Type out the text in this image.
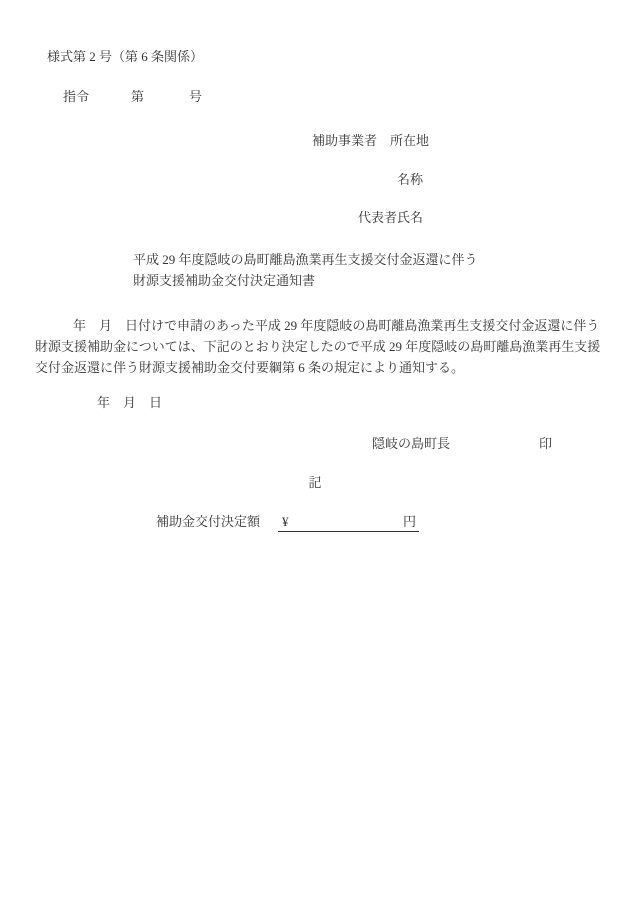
様式第 2 号（第 6 条関係）
指令	第	号
補助事業者　所在地
名称
代表者氏名
平成 29 年度隠岐の島町離島漁業再生支援交付金返還に伴う
財源支援補助金交付決定通知書
年　月　日付けで申請のあった平成 29 年度隠岐の島町離島漁業再生支援交付金返還に伴う
財源支援補助金については、下記のとおり決定したので平成 29 年度隠岐の島町離島漁業再生支援
交付金返還に伴う財源支援補助金交付要綱第 6 条の規定により通知する。
年　月　日
隠岐の島町長	印
記
補助金交付決定額 ¥	円
